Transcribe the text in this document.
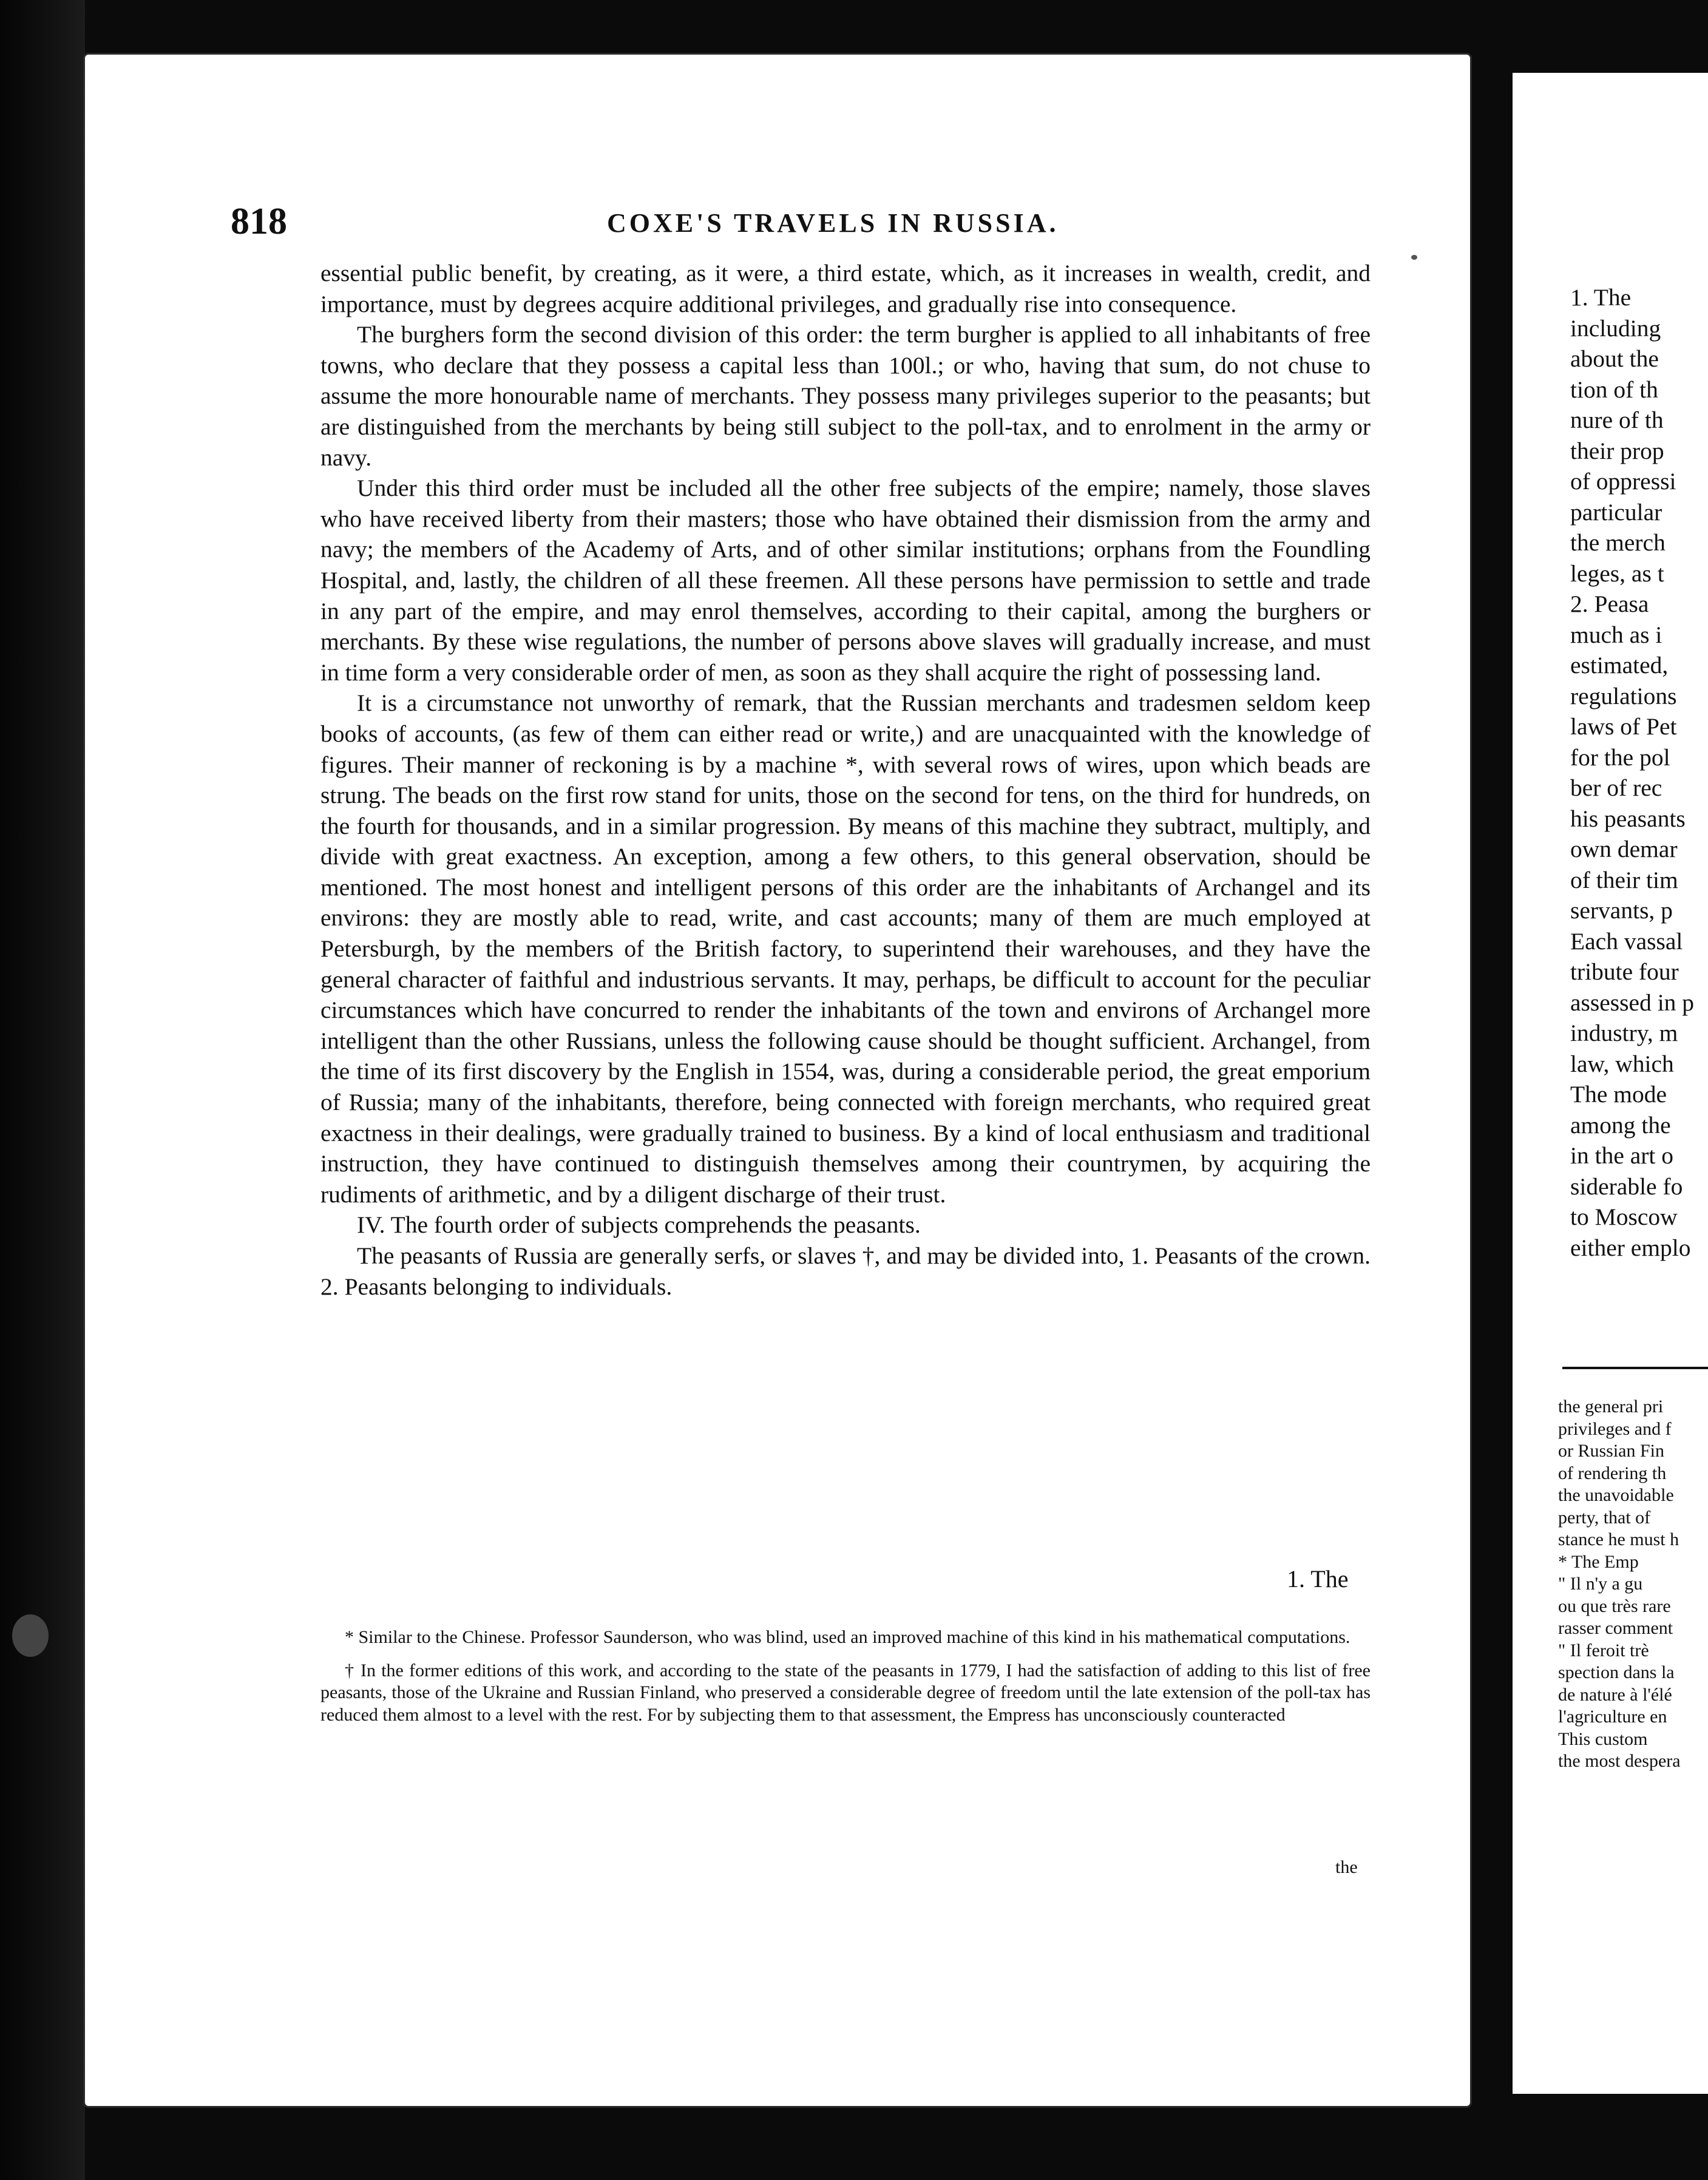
818	COXE'S TRAVELS IN RUSSIA.

essential public benefit, by creating, as it were, a third estate, which, as it increases in wealth, credit, and importance, must by degrees acquire additional privileges, and gradually rise into consequence.

The burghers form the second division of this order: the term burgher is applied to all inhabitants of free towns, who declare that they possess a capital less than 100l.; or who, having that sum, do not chuse to assume the more honourable name of merchants. They possess many privileges superior to the peasants; but are distinguished from the merchants by being still subject to the poll-tax, and to enrolment in the army or navy.

Under this third order must be included all the other free subjects of the empire; namely, those slaves who have received liberty from their masters; those who have obtained their dismission from the army and navy; the members of the Academy of Arts, and of other similar institutions; orphans from the Foundling Hospital, and, lastly, the children of all these freemen. All these persons have permission to settle and trade in any part of the empire, and may enrol themselves, according to their capital, among the burghers or merchants. By these wise regulations, the number of persons above slaves will gradually increase, and must in time form a very considerable order of men, as soon as they shall acquire the right of possessing land.

It is a circumstance not unworthy of remark, that the Russian merchants and tradesmen seldom keep books of accounts, (as few of them can either read or write,) and are unacquainted with the knowledge of figures. Their manner of reckoning is by a machine *, with several rows of wires, upon which beads are strung. The beads on the first row stand for units, those on the second for tens, on the third for hundreds, on the fourth for thousands, and in a similar progression. By means of this machine they subtract, multiply, and divide with great exactness. An exception, among a few others, to this general observation, should be mentioned. The most honest and intelligent persons of this order are the inhabitants of Archangel and its environs: they are mostly able to read, write, and cast accounts; many of them are much employed at Petersburgh, by the members of the British factory, to superintend their warehouses, and they have the general character of faithful and industrious servants. It may, perhaps, be difficult to account for the peculiar circumstances which have concurred to render the inhabitants of the town and environs of Archangel more intelligent than the other Russians, unless the following cause should be thought sufficient. Archangel, from the time of its first discovery by the English in 1554, was, during a considerable period, the great emporium of Russia; many of the inhabitants, therefore, being connected with foreign merchants, who required great exactness in their dealings, were gradually trained to business. By a kind of local enthusiasm and traditional instruction, they have continued to distinguish themselves among their countrymen, by acquiring the rudiments of arithmetic, and by a diligent discharge of their trust.

IV. The fourth order of subjects comprehends the peasants.

The peasants of Russia are generally serfs, or slaves †, and may be divided into, 1. Peasants of the crown. 2. Peasants belonging to individuals.

1. The

* Similar to the Chinese. Professor Saunderson, who was blind, used an improved machine of this kind in his mathematical computations.

† In the former editions of this work, and according to the state of the peasants in 1779, I had the satisfaction of adding to this list of free peasants, those of the Ukraine and Russian Finland, who preserved a considerable degree of freedom until the late extension of the poll-tax has reduced them almost to a level with the rest. For by subjecting them to that assessment, the Empress has unconsciously counteracted

the
1. The
including
about the
tion of th
nure of th
their prop
of oppressi
particular
the merch
leges, as t
2. Peasa
much as i
estimated,
regulations
laws of Pet
for the pol
ber of rec
his peasants
own demar
of their tim
servants, p
Each vassal
tribute four
assessed in p
industry, m
law, which
The mode
among the
in the art o
siderable fo
to Moscow
either emplo
the general pri
privileges and f
or Russian Fin
of rendering th
the unavoidable
perty, that of
stance he must h
* The Emp
" Il n'y a gu
ou que très rare
rasser comment
" Il feroit trè
spection dans la
de nature à l'élé
l'agriculture en
This custom
the most despera
